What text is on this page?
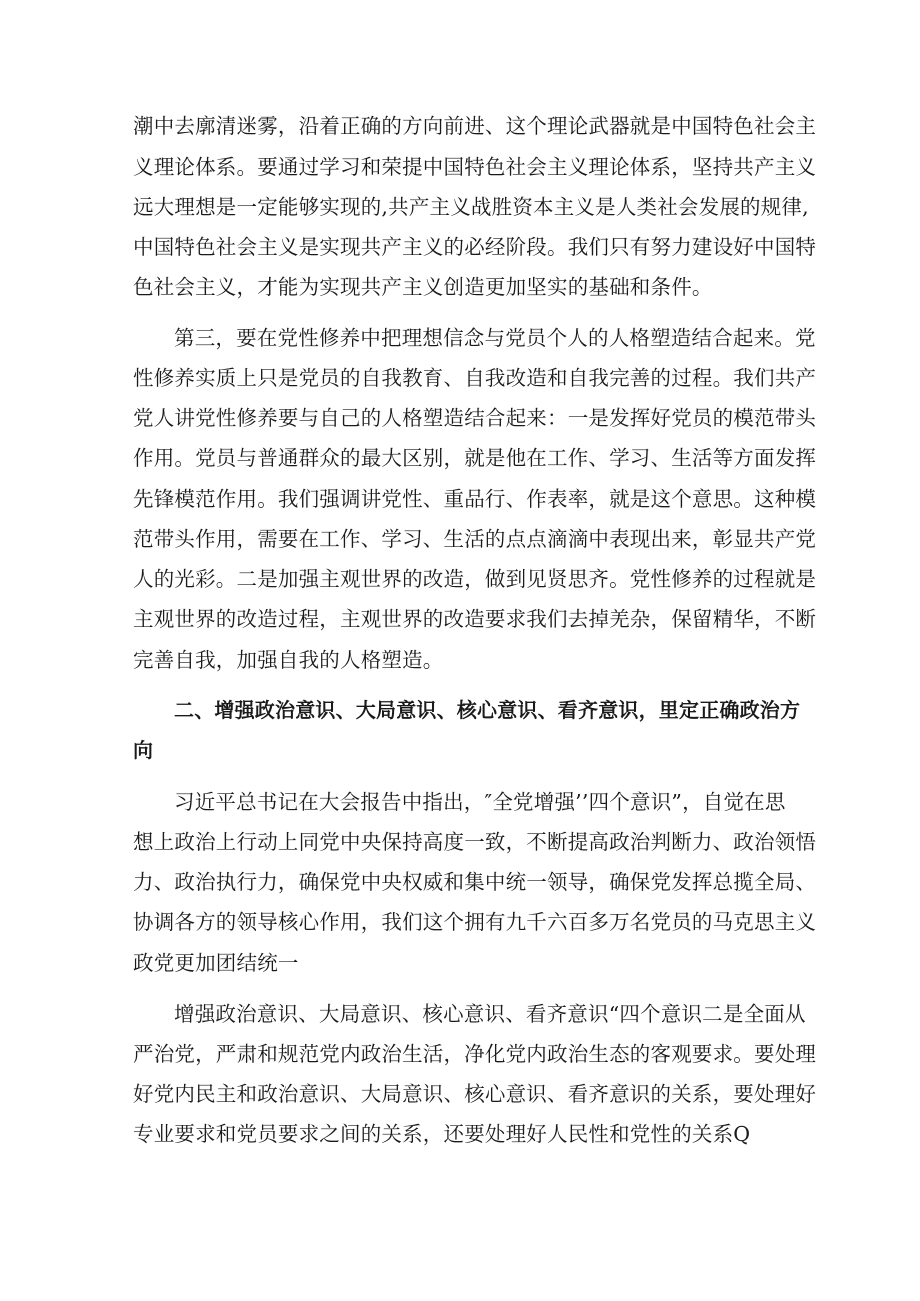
潮中去廓清迷雾，沿着正确的方向前进、这个理论武器就是中国特色社会主
义理论体系。要通过学习和荣提中国特色社会主义理论体系，坚持共产主义
远大理想是一定能够实现的,共产主义战胜资本主义是人类社会发展的规律,
中国特色社会主义是实现共产主义的必经阶段。我们只有努力建设好中国特
色社会主义，才能为实现共产主义创造更加坚实的基础和条件。
第三，要在党性修养中把理想信念与党员个人的人格塑造结合起来。党
性修养实质上只是党员的自我教育、自我改造和自我完善的过程。我们共产
党人讲党性修养要与自己的人格塑造结合起来：一是发挥好党员的模范带头
作用。党员与普通群众的最大区别，就是他在工作、学习、生活等方面发挥
先锋模范作用。我们强调讲党性、重品行、作表率，就是这个意思。这种模
范带头作用，需要在工作、学习、生活的点点滴滴中表现出来，彰显共产党
人的光彩。二是加强主观世界的改造，做到见贤思齐。党性修养的过程就是
主观世界的改造过程，主观世界的改造要求我们去掉羌杂，保留精华，不断
完善自我，加强自我的人格塑造。
二、增强政治意识、大局意识、核心意识、看齐意识，里定正确政治方
向
习近平总书记在大会报告中指出，″全党增强’’四个意识”，自觉在思
想上政治上行动上同党中央保持高度一致，不断提高政治判断力、政治领悟
力、政治执行力，确保党中央权威和集中统一领导，确保党发挥总揽全局、
协调各方的领导核心作用，我们这个拥有九千六百多万名党员的马克思主义
政党更加团结统一
增强政治意识、大局意识、核心意识、看齐意识“四个意识二是全面从
严治党，严肃和规范党内政治生活，净化党内政治生态的客观要求。要处理
好党内民主和政治意识、大局意识、核心意识、看齐意识的关系，要处理好
专业要求和党员要求之间的关系，还要处理好人民性和党性的关系Q
